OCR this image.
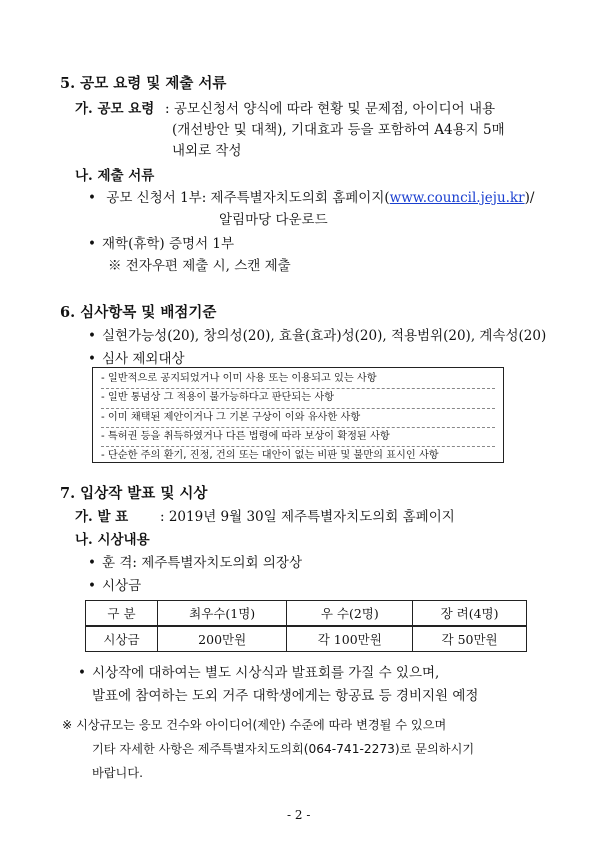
5. 공모 요령 및 제출 서류
가. 공모 요령 : 공모신청서 양식에 따라 현황 및 문제점, 아이디어 내용
(개선방안 및 대책), 기대효과 등을 포함하여 A4용지 5매
내외로 작성
나. 제출 서류
• 공모 신청서 1부: 제주특별자치도의회 홈페이지(www.council.jeju.kr)/
알림마당 다운로드
• 재학(휴학) 증명서 1부
※ 전자우편 제출 시, 스캔 제출
6. 심사항목 및 배점기준
• 실현가능성(20), 창의성(20), 효율(효과)성(20), 적용범위(20), 계속성(20)
• 심사 제외대상
- 일반적으로 공지되었거나 이미 사용 또는 이용되고 있는 사항
- 일반 통념상 그 적용이 불가능하다고 판단되는 사항
- 이미 채택된 제안이거나 그 기본 구상이 이와 유사한 사항
- 특허권 등을 취득하였거나 다른 법령에 따라 보상이 확정된 사항
- 단순한 주의 환기, 진정, 건의 또는 대안이 없는 비판 및 불만의 표시인 사항
7. 입상작 발표 및 시상
가. 발 표 : 2019년 9월 30일 제주특별자치도의회 홈페이지
나. 시상내용
• 훈 격: 제주특별자치도의회 의장상
• 시상금
구 분	최우수(1명)	우 수(2명)	장 려(4명)
시상금	200만원	각 100만원	각 50만원
• 시상작에 대하여는 별도 시상식과 발표회를 가질 수 있으며,
발표에 참여하는 도외 거주 대학생에게는 항공료 등 경비지원 예정
※ 시상규모는 응모 건수와 아이디어(제안) 수준에 따라 변경될 수 있으며
기타 자세한 사항은 제주특별자치도의회(064-741-2273)로 문의하시기
바랍니다.
- 2 -
